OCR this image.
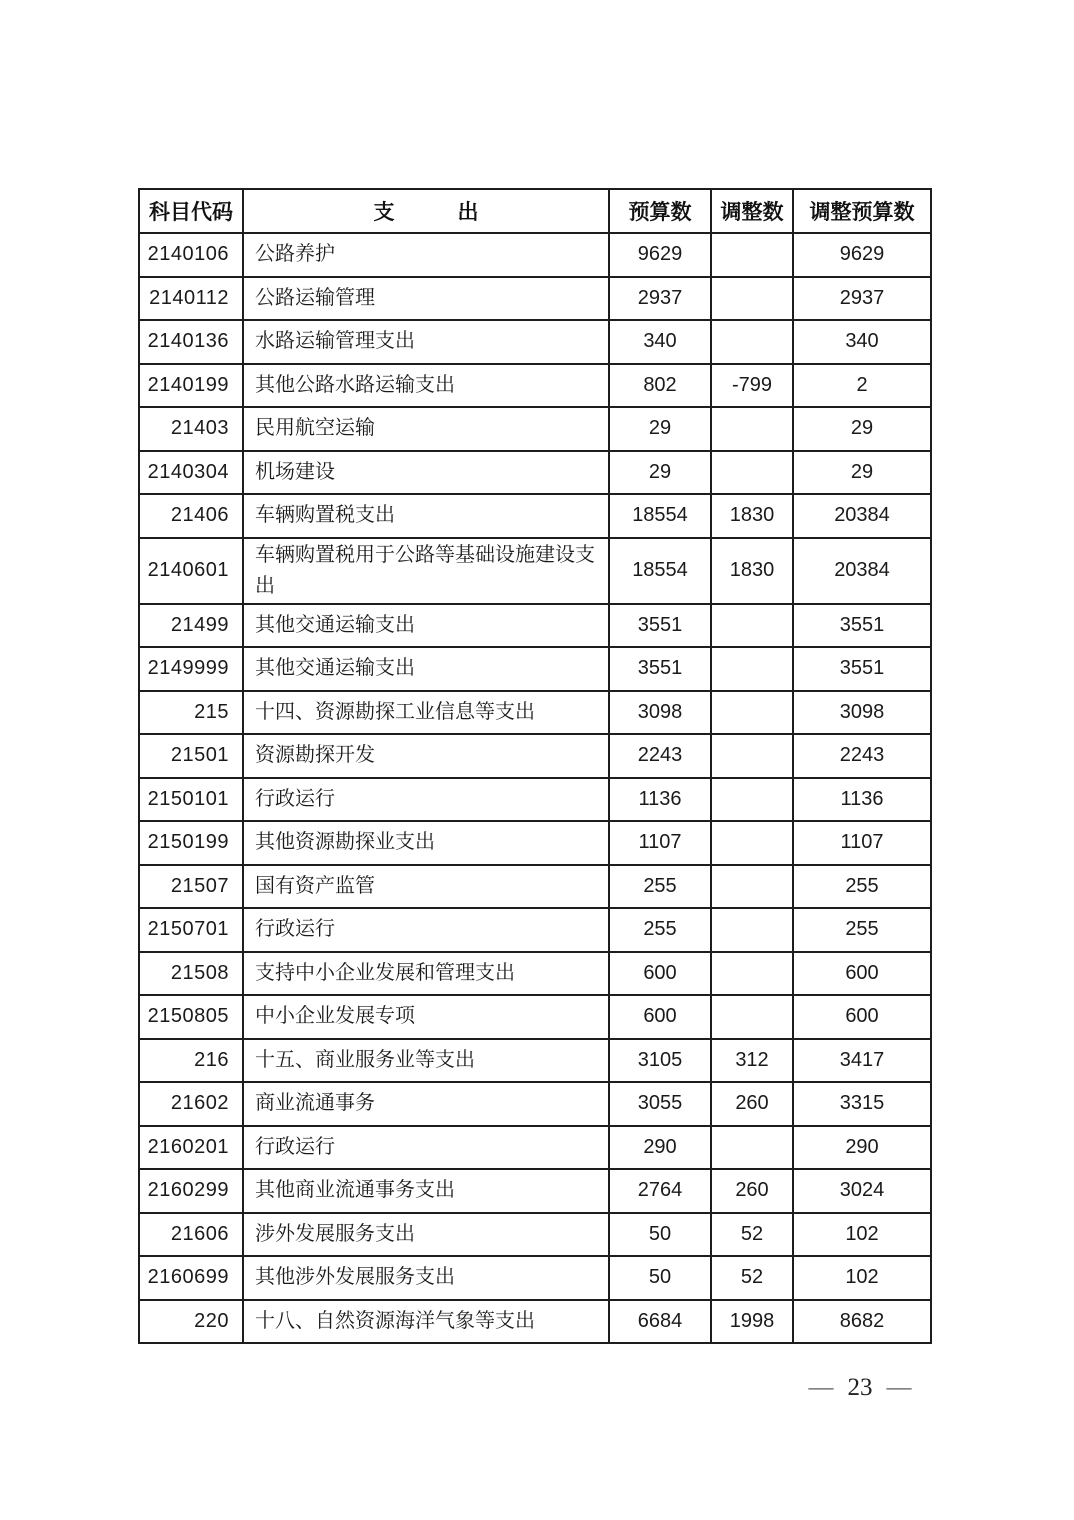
科目代码	支　　　出	预算数	调整数	调整预算数
2140106	公路养护	9629		9629
2140112	公路运输管理	2937		2937
2140136	水路运输管理支出	340		340
2140199	其他公路水路运输支出	802	-799	2
21403	民用航空运输	29		29
2140304	机场建设	29		29
21406	车辆购置税支出	18554	1830	20384
2140601	车辆购置税用于公路等基础设施建设支出	18554	1830	20384
21499	其他交通运输支出	3551		3551
2149999	其他交通运输支出	3551		3551
215	十四、资源勘探工业信息等支出	3098		3098
21501	资源勘探开发	2243		2243
2150101	行政运行	1136		1136
2150199	其他资源勘探业支出	1107		1107
21507	国有资产监管	255		255
2150701	行政运行	255		255
21508	支持中小企业发展和管理支出	600		600
2150805	中小企业发展专项	600		600
216	十五、商业服务业等支出	3105	312	3417
21602	商业流通事务	3055	260	3315
2160201	行政运行	290		290
2160299	其他商业流通事务支出	2764	260	3024
21606	涉外发展服务支出	50	52	102
2160699	其他涉外发展服务支出	50	52	102
220	十八、自然资源海洋气象等支出	6684	1998	8682
— 23 —
